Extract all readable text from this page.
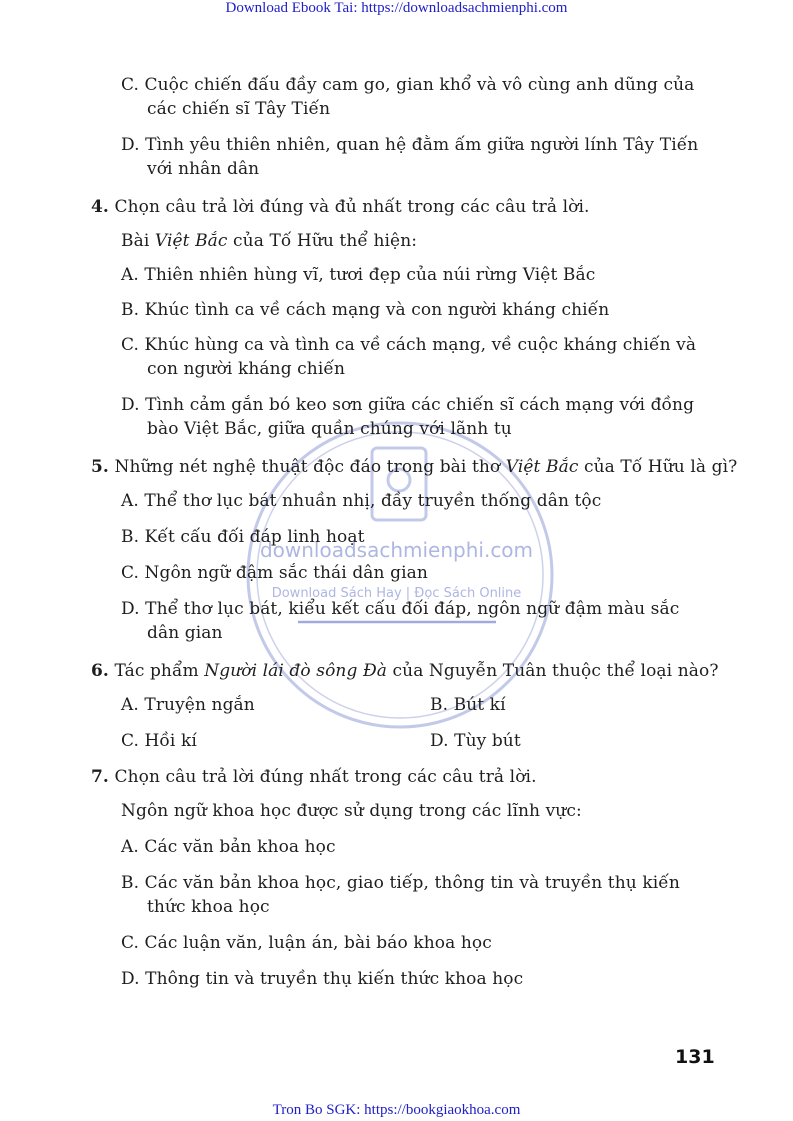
Download Ebook Tai: https://downloadsachmienphi.com
downloadsachmienphi.com
Download Sách Hay | Đọc Sách Online
C. Cuộc chiến đấu đầy cam go, gian khổ và vô cùng anh dũng của
các chiến sĩ Tây Tiến
D. Tình yêu thiên nhiên, quan hệ đằm ấm giữa người lính Tây Tiến
với nhân dân
4. Chọn câu trả lời đúng và đủ nhất trong các câu trả lời.
Bài Việt Bắc của Tố Hữu thể hiện:
A. Thiên nhiên hùng vĩ, tươi đẹp của núi rừng Việt Bắc
B. Khúc tình ca về cách mạng và con người kháng chiến
C. Khúc hùng ca và tình ca về cách mạng, về cuộc kháng chiến và
con người kháng chiến
D. Tình cảm gắn bó keo sơn giữa các chiến sĩ cách mạng với đồng
bào Việt Bắc, giữa quần chúng với lãnh tụ
5. Những nét nghệ thuật độc đáo trong bài thơ Việt Bắc của Tố Hữu là gì?
A. Thể thơ lục bát nhuần nhị, đầy truyền thống dân tộc
B. Kết cấu đối đáp linh hoạt
C. Ngôn ngữ đậm sắc thái dân gian
D. Thể thơ lục bát, kiểu kết cấu đối đáp, ngôn ngữ đậm màu sắc
dân gian
6. Tác phẩm Người lái đò sông Đà của Nguyễn Tuân thuộc thể loại nào?
A. Truyện ngắn	B. Bút kí
C. Hồi kí	D. Tùy bút
7. Chọn câu trả lời đúng nhất trong các câu trả lời.
Ngôn ngữ khoa học được sử dụng trong các lĩnh vực:
A. Các văn bản khoa học
B. Các văn bản khoa học, giao tiếp, thông tin và truyền thụ kiến
thức khoa học
C. Các luận văn, luận án, bài báo khoa học
D. Thông tin và truyền thụ kiến thức khoa học
131
Tron Bo SGK: https://bookgiaokhoa.com
